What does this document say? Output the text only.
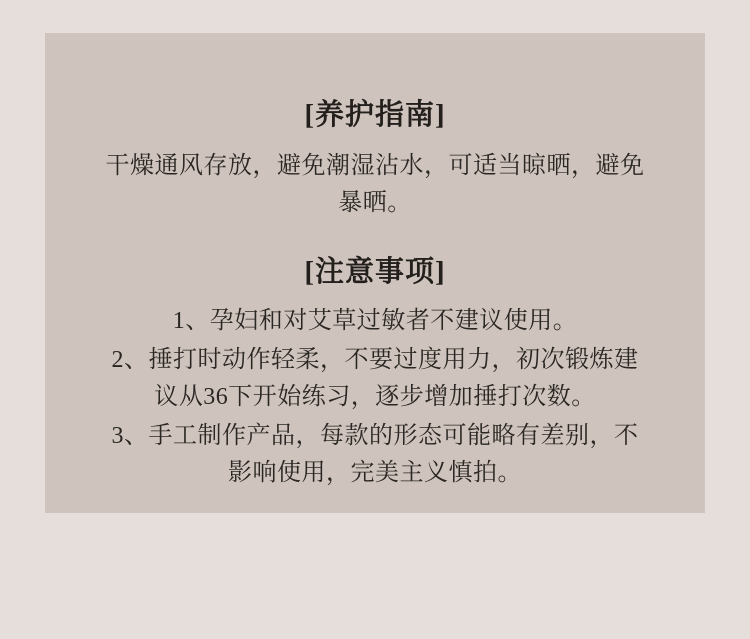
[养护指南]
干燥通风存放，避免潮湿沾水，可适当晾晒，避免暴晒。
[注意事项]
1、孕妇和对艾草过敏者不建议使用。
2、捶打时动作轻柔，不要过度用力，初次锻炼建议从36下开始练习，逐步增加捶打次数。
3、手工制作产品，每款的形态可能略有差别，不影响使用，完美主义慎拍。
